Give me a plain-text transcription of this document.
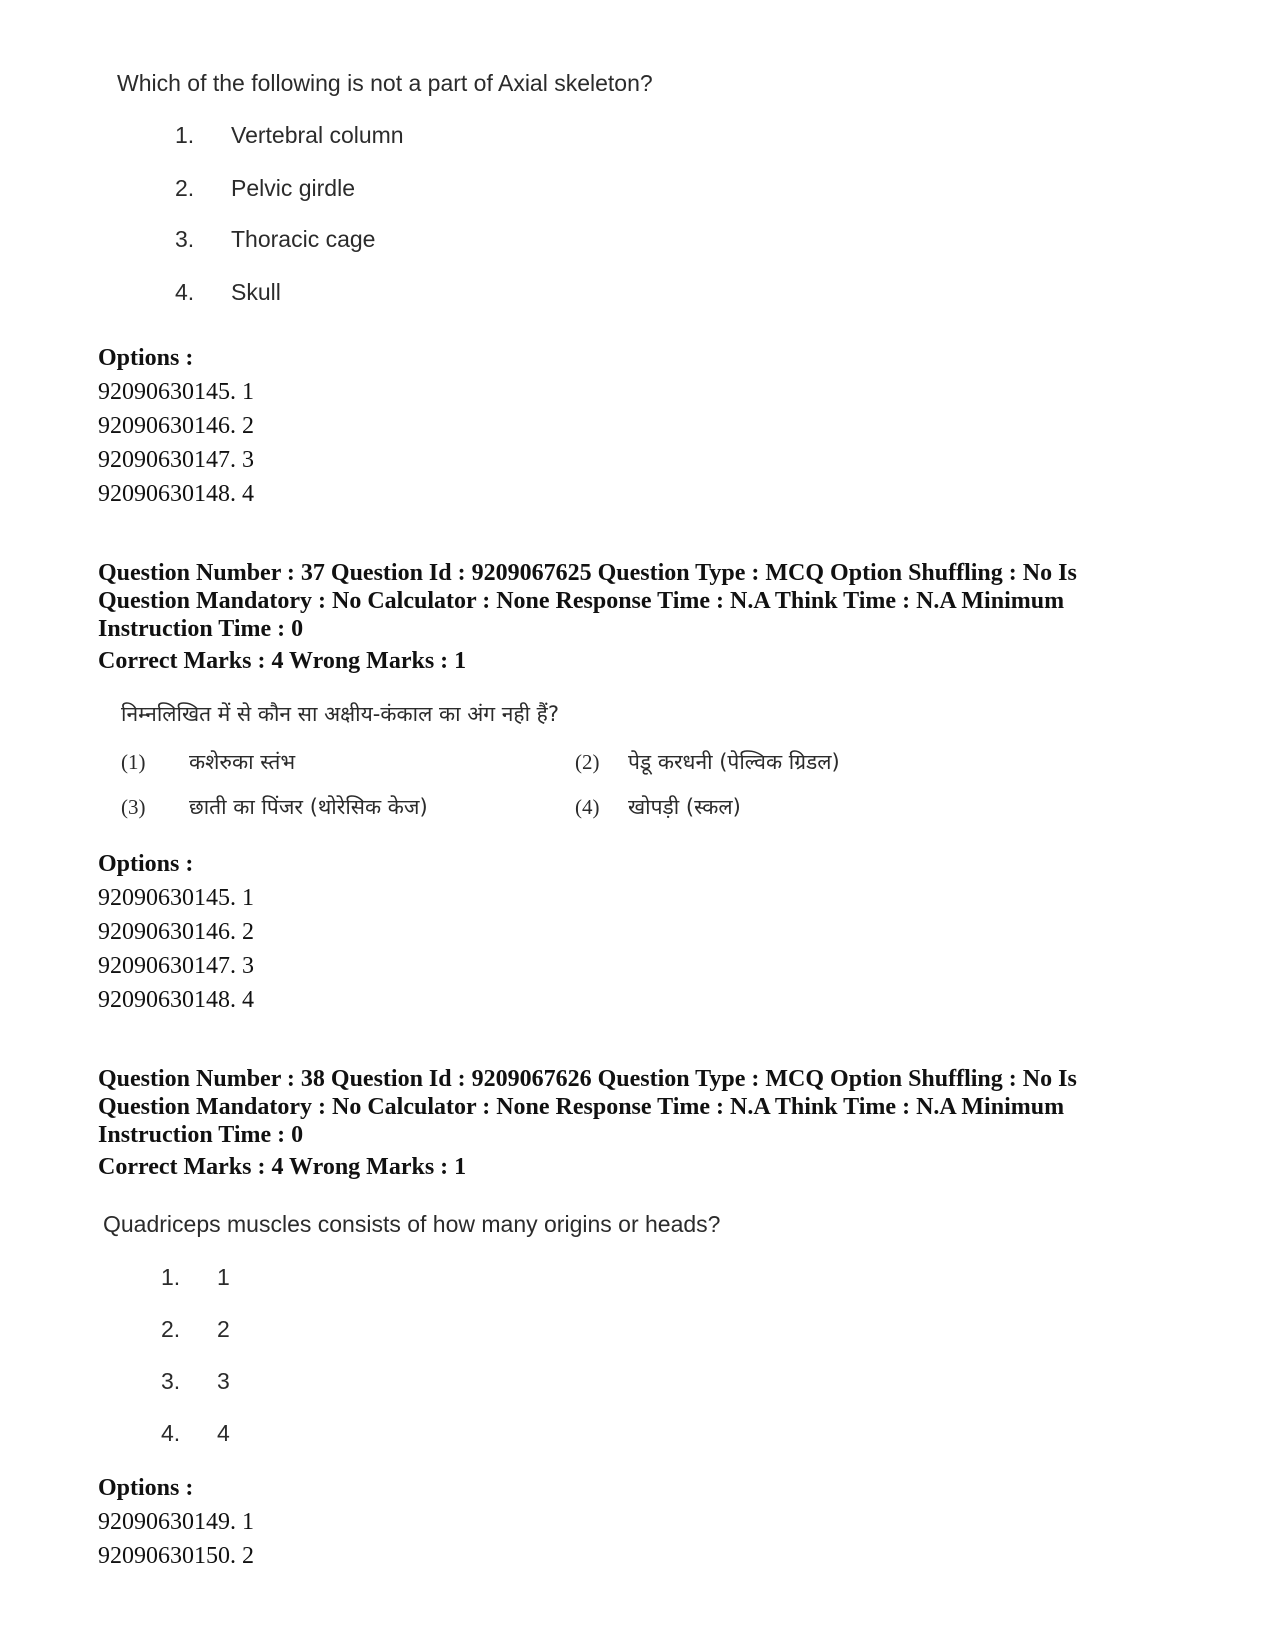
Which of the following is not a part of Axial skeleton?
1. Vertebral column
2. Pelvic girdle
3. Thoracic cage
4. Skull
Options :
92090630145. 1
92090630146. 2
92090630147. 3
92090630148. 4
Question Number : 37 Question Id : 9209067625 Question Type : MCQ Option Shuffling : No Is Question Mandatory : No Calculator : None Response Time : N.A Think Time : N.A Minimum Instruction Time : 0
Correct Marks : 4 Wrong Marks : 1
निम्नलिखित में से कौन सा अक्षीय-कंकाल का अंग नही हैं?
(1) कशेरुका स्तंभ	(2) पेडू करधनी (पेल्विक ग्रिडल)
(3) छाती का पिंजर (थोरेसिक केज)	(4) खोपड़ी (स्कल)
Options :
92090630145. 1
92090630146. 2
92090630147. 3
92090630148. 4
Question Number : 38 Question Id : 9209067626 Question Type : MCQ Option Shuffling : No Is Question Mandatory : No Calculator : None Response Time : N.A Think Time : N.A Minimum Instruction Time : 0
Correct Marks : 4 Wrong Marks : 1
Quadriceps muscles consists of how many origins or heads?
1. 1
2. 2
3. 3
4. 4
Options :
92090630149. 1
92090630150. 2
